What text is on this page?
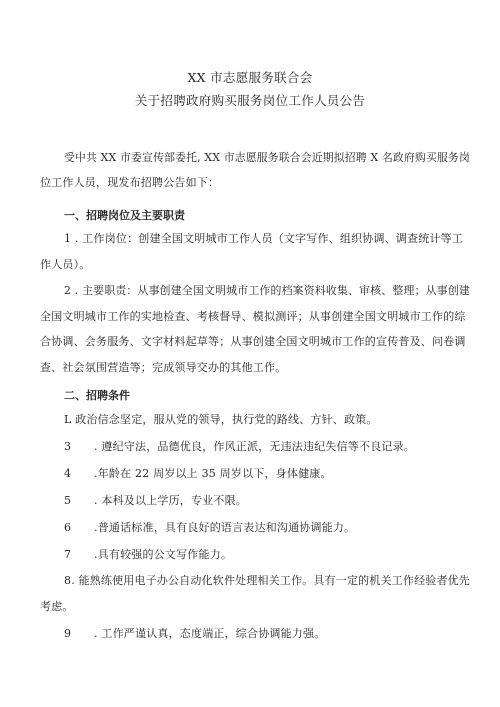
XX 市志愿服务联合会
关于招聘政府购买服务岗位工作人员公告
受中共 XX 市委宣传部委托, XX 市志愿服务联合会近期拟招聘 X 名政府购买服务岗
位工作人员，现发布招聘公告如下：
一、招聘岗位及主要职责
1 . 工作岗位：创建全国文明城市工作人员（文字写作、组织协调、调查统计等工
作人员）。
2 . 主要职责：从事创建全国文明城市工作的档案资料收集、审核、整理；从事创建
全国文明城市工作的实地检查、考核督导、模拟测评；从事创建全国文明城市工作的综
合协调、会务服务、文字材料起草等；从事创建全国文明城市工作的宣传普及、问卷调
查、社会氛围营造等；完成领导交办的其他工作。
二、招聘条件
L 政治信念坚定，服从党的领导，执行党的路线、方针、政策。
3 . 遵纪守法，品德优良，作风正派，无违法违纪失信等不良记录。
4 .年龄在 22 周岁以上 35 周岁以下，身体健康。
5 . 本科及以上学历，专业不限。
6 .普通话标准，具有良好的语言表达和沟通协调能力。
7 .具有较强的公文写作能力。
8. 能熟练使用电子办公自动化软件处理相关工作。具有一定的机关工作经验者优先
考虑。
9 . 工作严谨认真，态度端正，综合协调能力强。
